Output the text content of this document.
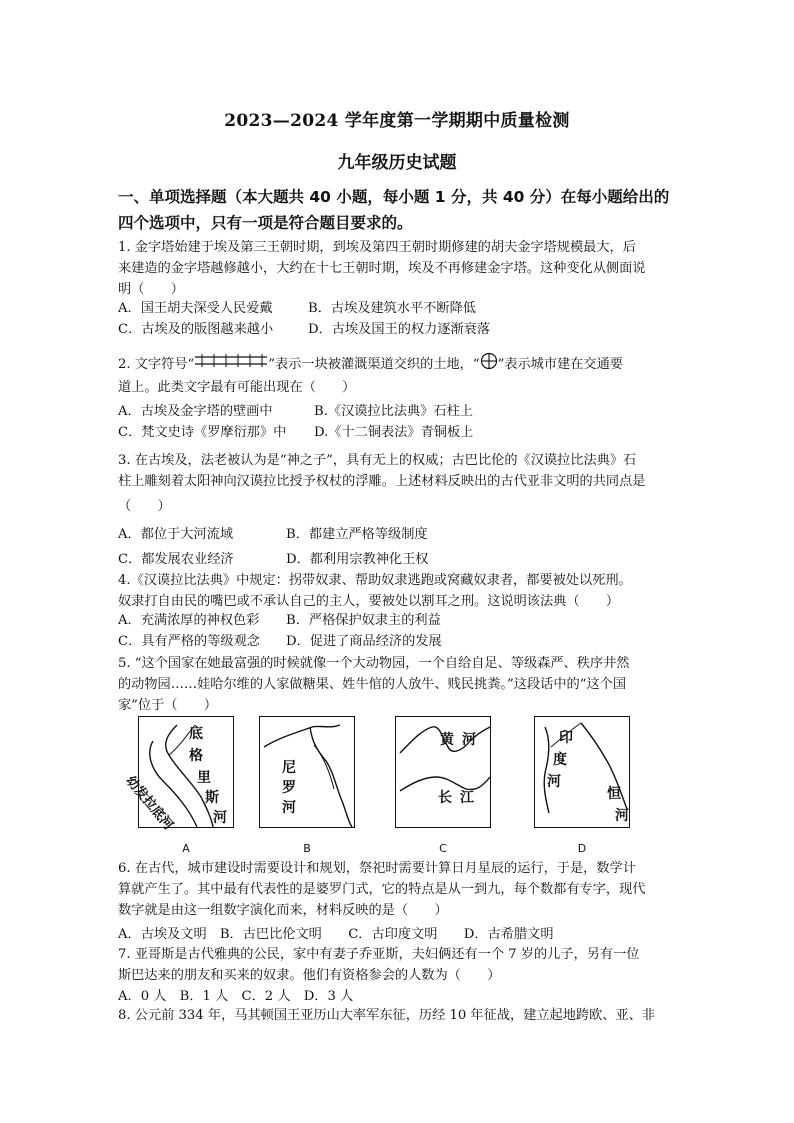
2023—2024 学年度第一学期期中质量检测
九年级历史试题
一、单项选择题（本大题共 40 小题，每小题 1 分，共 40 分）在每小题给出的
四个选项中，只有一项是符合题目要求的。

1. 金字塔始建于埃及第三王朝时期，到埃及第四王朝时期修建的胡夫金字塔规模最大，后

来建造的金字塔越修越小，大约在十七王朝时期，埃及不再修建金字塔。这种变化从侧面说

明（　　）

A．国王胡夫深受人民爱戴	B．古埃及建筑水平不断降低
C．古埃及的版图越来越小	D．古埃及国王的权力逐渐衰落

2. 文字符号“	”表示一块被灌溉渠道交织的土地，“ ”表示城市建在交通要

道上。此类文字最有可能出现在（　　）

A．古埃及金字塔的壁画中	B.《汉谟拉比法典》石柱上
C．梵文史诗《罗摩衍那》中 D.《十二铜表法》青铜板上

3. 在古埃及，法老被认为是“神之子”，具有无上的权威；古巴比伦的《汉谟拉比法典》石

柱上雕刻着太阳神向汉谟拉比授予权杖的浮雕。上述材料反映出的古代亚非文明的共同点是

（　　）

A．都位于大河流域	B．都建立严格等级制度
C．都发展农业经济	D．都利用宗教神化王权

4.《汉谟拉比法典》中规定：拐带奴隶、帮助奴隶逃跑或窝藏奴隶者，都要被处以死刑。

奴隶打自由民的嘴巴或不承认自己的主人，要被处以割耳之刑。这说明该法典（　　）

A．充满浓厚的神权色彩 B．严格保护奴隶主的利益
C．具有严格的等级观念 D．促进了商品经济的发展

5. “这个国家在她最富强的时候就像一个大动物园，一个自给自足、等级森严、秩序井然

的动物园……娃哈尔维的人家做糖果、姓牛倌的人放牛、贱民挑粪。”这段话中的“这个国

家”位于（　　）

底
格
里
斯
河
幼发拉底河
尼
罗
河
黄 河
长 江
印
度
河
恒
河
A	B	C	D

6. 在古代，城市建设时需要设计和规划，祭祀时需要计算日月星辰的运行，于是，数学计

算就产生了。其中最有代表性的是婆罗门式，它的特点是从一到九，每个数都有专字，现代

数字就是由这一组数字演化而来，材料反映的是（　　）

A．古埃及文明　B．古巴比伦文明　　C．古印度文明　　D．古希腊文明

7. 亚哥斯是古代雅典的公民，家中有妻子乔亚斯，夫妇俩还有一个 7 岁的儿子，另有一位

斯巴达来的朋友和买来的奴隶。他们有资格参会的人数为（　　）

A．0 人　B．1 人　C．2 人　D．3 人

8. 公元前 334 年，马其顿国王亚历山大率军东征，历经 10 年征战，建立起地跨欧、亚、非
